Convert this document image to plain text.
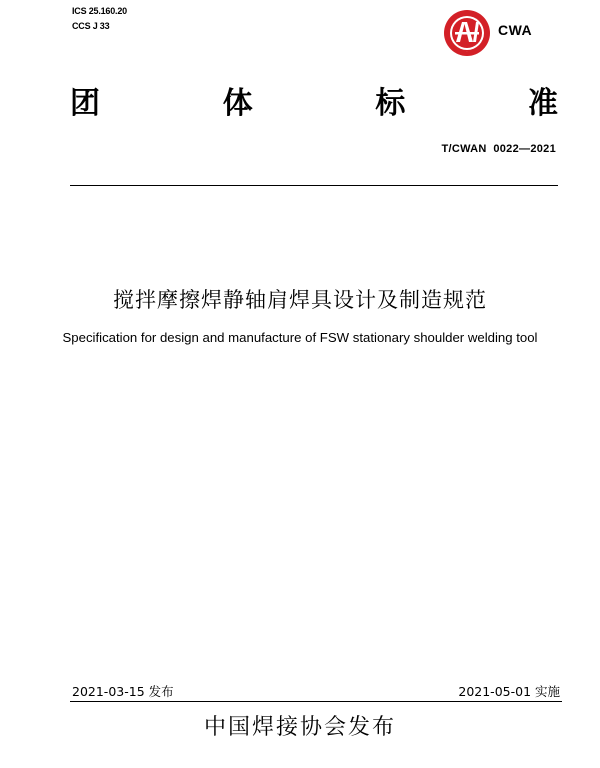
ICS 25.160.20
CCS J 33
·
CWA
团	体	标	准
T/CWAN  0022—2021
搅拌摩擦焊静轴肩焊具设计及制造规范
Specification for design and manufacture of FSW stationary shoulder welding tool
2021-03-15 发布	2021-05-01 实施
中国焊接协会发布
